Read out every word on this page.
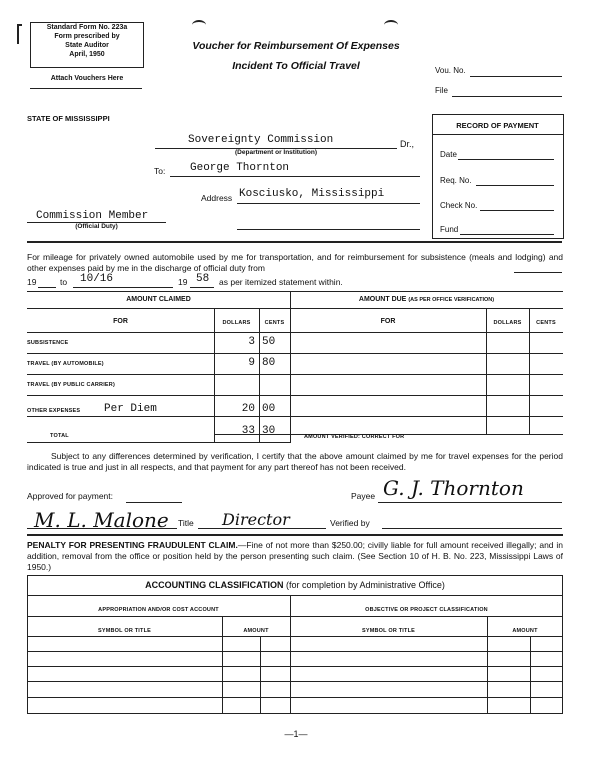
Standard Form No. 223a
Form prescribed by
State Auditor
April, 1950
Attach Vouchers Here
Voucher for Reimbursement Of Expenses
Incident To Official Travel	Vou. No.
File
STATE OF MISSISSIPPI
Sovereignty Commission	Dr.,
(Department or Institution)
To: George Thornton
Address Kosciusko, Mississippi
Commission Member
(Official Duty)
RECORD OF PAYMENT
Date
Req. No.
Check No.
Fund
For mileage for privately owned automobile used by me for transportation, and for reimbursement for subsistence (meals and lodging) and other expenses paid by me in the discharge of official duty from
19	to 10/16	19 58 as per itemized statement within.
AMOUNT CLAIMED	AMOUNT DUE (AS PER OFFICE VERIFICATION)
FOR	DOLLARS	CENTS	FOR	DOLLARS	CENTS
SUBSISTENCE	3 50
TRAVEL (BY AUTOMOBILE)	9 80
TRAVEL (BY PUBLIC CARRIER)
OTHER EXPENSES Per Diem	20 00
TOTAL	33 30	AMOUNT VERIFIED: CORRECT FOR
Subject to any differences determined by verification, I certify that the above amount claimed by me for travel expenses for the period indicated is true and just in all respects, and that payment for any part thereof has not been received.
Approved for payment:	Payee G. J. Thornton
M. L. Malone Title Director	Verified by
PENALTY FOR PRESENTING FRAUDULENT CLAIM.—Fine of not more than $250.00; civilly liable for full amount received illegally; and in addition, removal from the office or position held by the person presenting such claim. (See Section 10 of H. B. No. 223, Mississippi Laws of 1950.)
ACCOUNTING CLASSIFICATION (for completion by Administrative Office)
APPROPRIATION AND/OR COST ACCOUNT	OBJECTIVE OR PROJECT CLASSIFICATION
SYMBOL OR TITLE	AMOUNT	SYMBOL OR TITLE	AMOUNT
—1—
